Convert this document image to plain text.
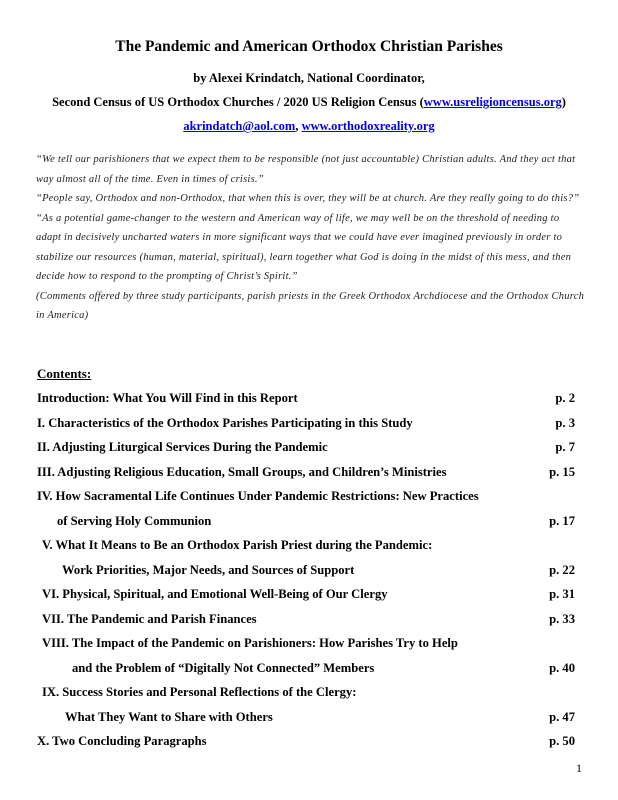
The Pandemic and American Orthodox Christian Parishes
by Alexei Krindatch, National Coordinator,
Second Census of US Orthodox Churches / 2020 US Religion Census (www.usreligioncensus.org)
akrindatch@aol.com, www.orthodoxreality.org

“We tell our parishioners that we expect them to be responsible (not just accountable) Christian adults. And they act that way almost all of the time. Even in times of crisis.”

“People say, Orthodox and non-Orthodox, that when this is over, they will be at church. Are they really going to do this?”

“As a potential game-changer to the western and American way of life, we may well be on the threshold of needing to adapt in decisively uncharted waters in more significant ways that we could have ever imagined previously in order to stabilize our resources (human, material, spiritual), learn together what God is doing in the midst of this mess, and then decide how to respond to the prompting of Christ’s Spirit.”

(Comments offered by three study participants, parish priests in the Greek Orthodox Archdiocese and the Orthodox Church in America)

Contents:
Introduction: What You Will Find in this Report	p. 2
I. Characteristics of the Orthodox Parishes Participating in this Study	p. 3
II. Adjusting Liturgical Services During the Pandemic	p. 7
III. Adjusting Religious Education, Small Groups, and Children’s Ministries	p. 15
IV. How Sacramental Life Continues Under Pandemic Restrictions: New Practices
of Serving Holy Communion	p. 17
V. What It Means to Be an Orthodox Parish Priest during the Pandemic:
Work Priorities, Major Needs, and Sources of Support	p. 22
VI. Physical, Spiritual, and Emotional Well-Being of Our Clergy	p. 31
VII. The Pandemic and Parish Finances	p. 33
VIII. The Impact of the Pandemic on Parishioners: How Parishes Try to Help
and the Problem of “Digitally Not Connected” Members	p. 40
IX. Success Stories and Personal Reflections of the Clergy:
What They Want to Share with Others	p. 47
X. Two Concluding Paragraphs	p. 50
1
